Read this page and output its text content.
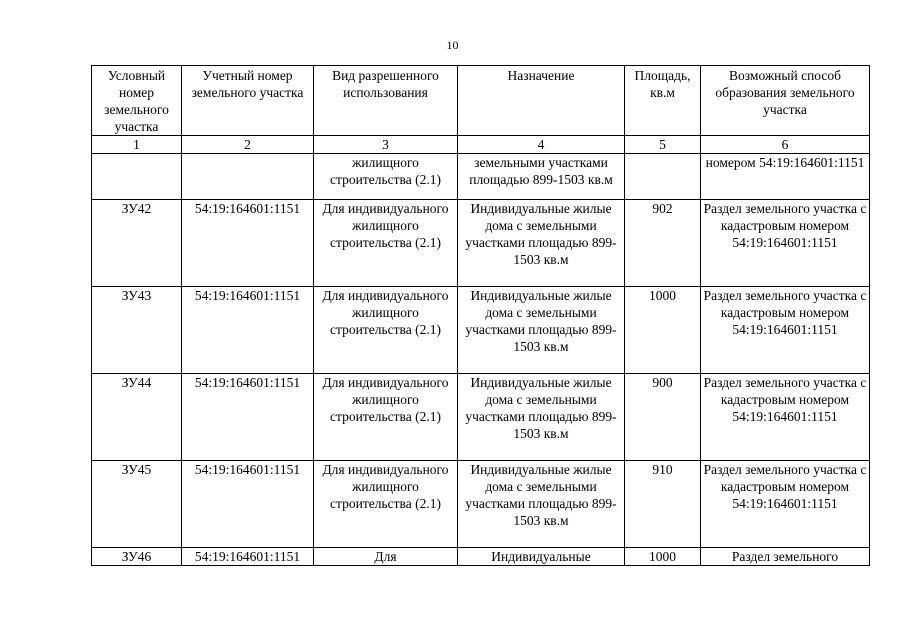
10
Условный номер земельного участка	Учетный номер земельного участка	Вид разрешенного использования	Назначение	Площадь, кв.м	Возможный способ образования земельного участка
1	2	3	4	5	6
		жилищного строительства (2.1)	земельными участками площадью 899-1503 кв.м		номером 54:19:164601:1151
ЗУ42	54:19:164601:1151	Для индивидуального жилищного строительства (2.1)	Индивидуальные жилые дома с земельными участками площадью 899-1503 кв.м	902	Раздел земельного участка с кадастровым номером 54:19:164601:1151
ЗУ43	54:19:164601:1151	Для индивидуального жилищного строительства (2.1)	Индивидуальные жилые дома с земельными участками площадью 899-1503 кв.м	1000	Раздел земельного участка с кадастровым номером 54:19:164601:1151
ЗУ44	54:19:164601:1151	Для индивидуального жилищного строительства (2.1)	Индивидуальные жилые дома с земельными участками площадью 899-1503 кв.м	900	Раздел земельного участка с кадастровым номером 54:19:164601:1151
ЗУ45	54:19:164601:1151	Для индивидуального жилищного строительства (2.1)	Индивидуальные жилые дома с земельными участками площадью 899-1503 кв.м	910	Раздел земельного участка с кадастровым номером 54:19:164601:1151
ЗУ46	54:19:164601:1151	Для	Индивидуальные	1000	Раздел земельного
